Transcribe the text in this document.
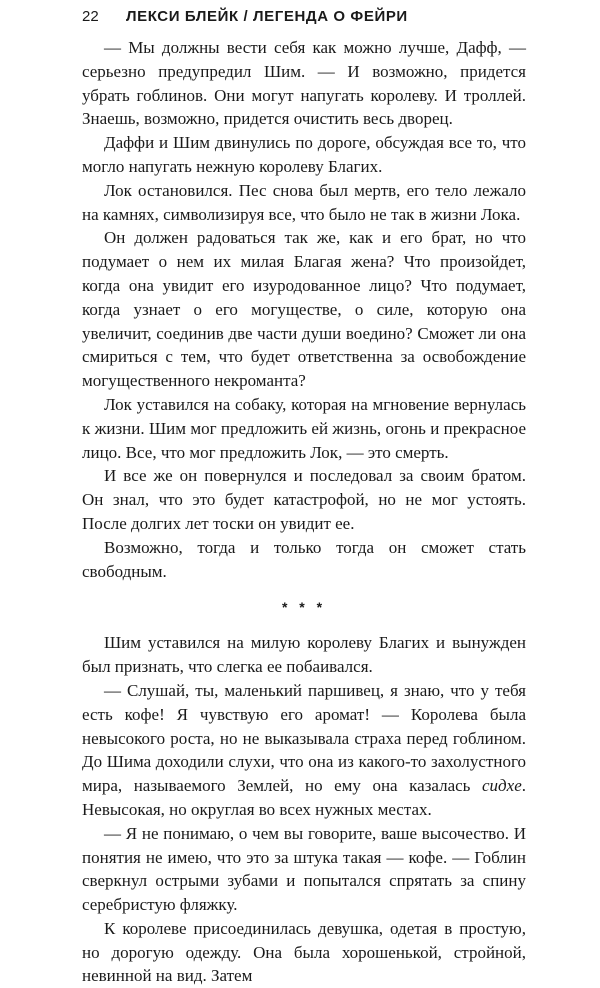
22 ЛЕКСИ БЛЕЙК / ЛЕГЕНДА О ФЕЙРИ

— Мы должны вести себя как можно лучше, Дафф, — серьезно предупредил Шим. — И возможно, придется убрать гоблинов. Они могут напугать королеву. И троллей. Знаешь, возможно, придется очистить весь дворец.

Даффи и Шим двинулись по дороге, обсуждая все то, что могло напугать нежную королеву Благих.

Лок остановился. Пес снова был мертв, его тело лежало на камнях, символизируя все, что было не так в жизни Лока.

Он должен радоваться так же, как и его брат, но что подумает о нем их милая Благая жена? Что произойдет, когда она увидит его изуродованное лицо? Что подумает, когда узнает о его могуществе, о силе, которую она увеличит, соединив две части души воедино? Сможет ли она смириться с тем, что будет ответственна за освобождение могущественного некроманта?

Лок уставился на собаку, которая на мгновение вернулась к жизни. Шим мог предложить ей жизнь, огонь и прекрасное лицо. Все, что мог предложить Лок, — это смерть.

И все же он повернулся и последовал за своим братом. Он знал, что это будет катастрофой, но не мог устоять. После долгих лет тоски он увидит ее.

Возможно, тогда и только тогда он сможет стать свободным.

* * *

Шим уставился на милую королеву Благих и вынужден был признать, что слегка ее побаивался.

— Слушай, ты, маленький паршивец, я знаю, что у тебя есть кофе! Я чувствую его аромат! — Королева была невысокого роста, но не выказывала страха перед гоблином. До Шима доходили слухи, что она из какого-то захолустного мира, называемого Землей, но ему она казалась сидхе. Невысокая, но округлая во всех нужных местах.

— Я не понимаю, о чем вы говорите, ваше высочество. И понятия не имею, что это за штука такая — кофе. — Гоблин сверкнул острыми зубами и попытался спрятать за спину серебристую фляжку.

К королеве присоединилась девушка, одетая в простую, но дорогую одежду. Она была хорошенькой, стройной, невинной на вид. Затем
